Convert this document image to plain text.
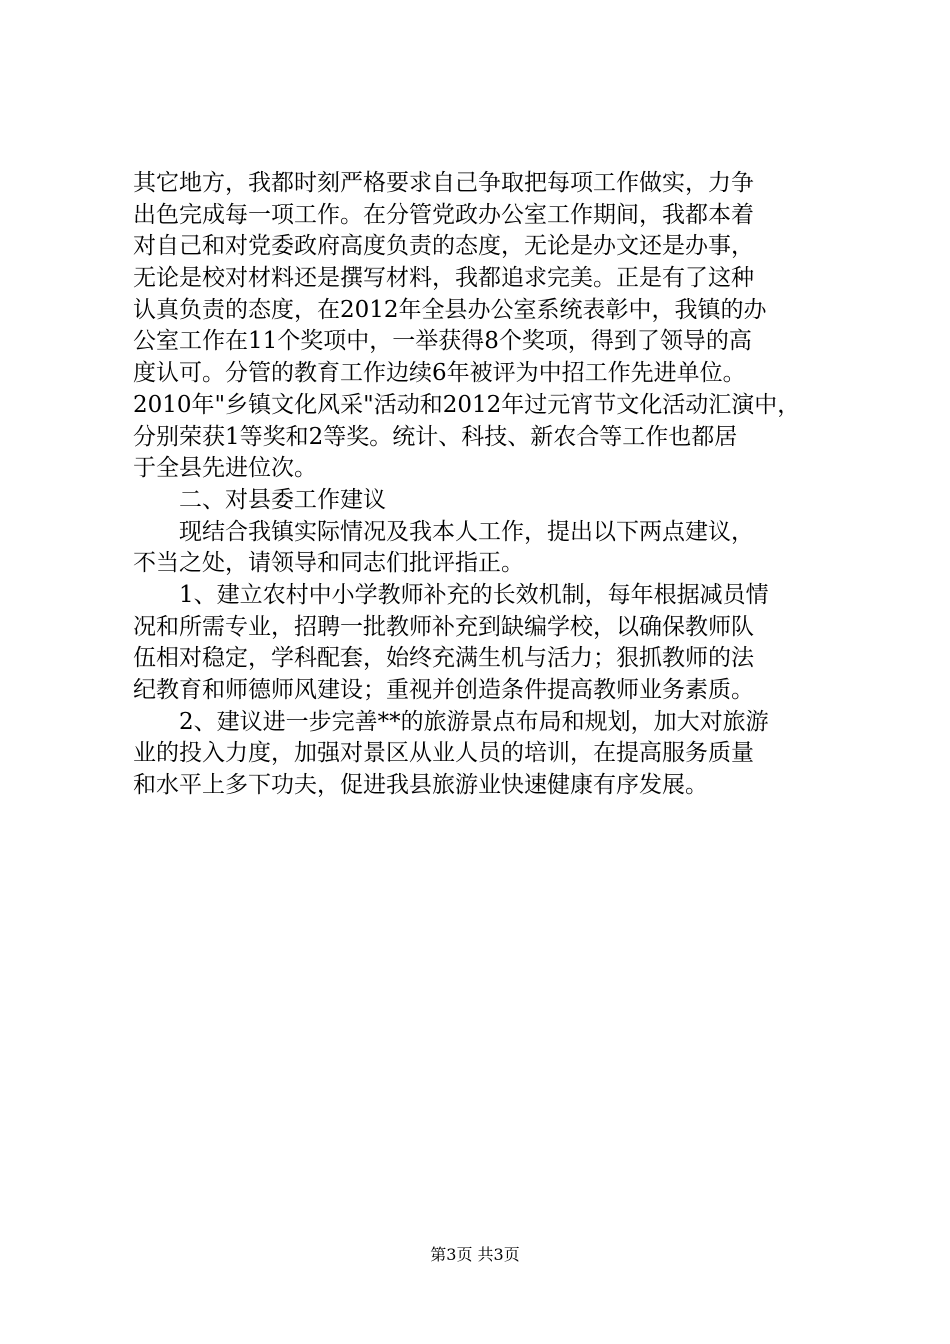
其它地方，我都时刻严格要求自己争取把每项工作做实，力争
出色完成每一项工作。在分管党政办公室工作期间，我都本着
对自己和对党委政府高度负责的态度，无论是办文还是办事，
无论是校对材料还是撰写材料，我都追求完美。正是有了这种
认真负责的态度，在2012年全县办公室系统表彰中，我镇的办
公室工作在11个奖项中，一举获得8个奖项，得到了领导的高
度认可。分管的教育工作边续6年被评为中招工作先进单位。
2010年"乡镇文化风采"活动和2012年过元宵节文化活动汇演中，
分别荣获1等奖和2等奖。统计、科技、新农合等工作也都居
于全县先进位次。
二、对县委工作建议
现结合我镇实际情况及我本人工作，提出以下两点建议，
不当之处，请领导和同志们批评指正。
1、建立农村中小学教师补充的长效机制，每年根据减员情
况和所需专业，招聘一批教师补充到缺编学校，以确保教师队
伍相对稳定，学科配套，始终充满生机与活力；狠抓教师的法
纪教育和师德师风建设；重视并创造条件提高教师业务素质。
2、建议进一步完善**的旅游景点布局和规划，加大对旅游
业的投入力度，加强对景区从业人员的培训，在提高服务质量
和水平上多下功夫，促进我县旅游业快速健康有序发展。
第3页 共3页
